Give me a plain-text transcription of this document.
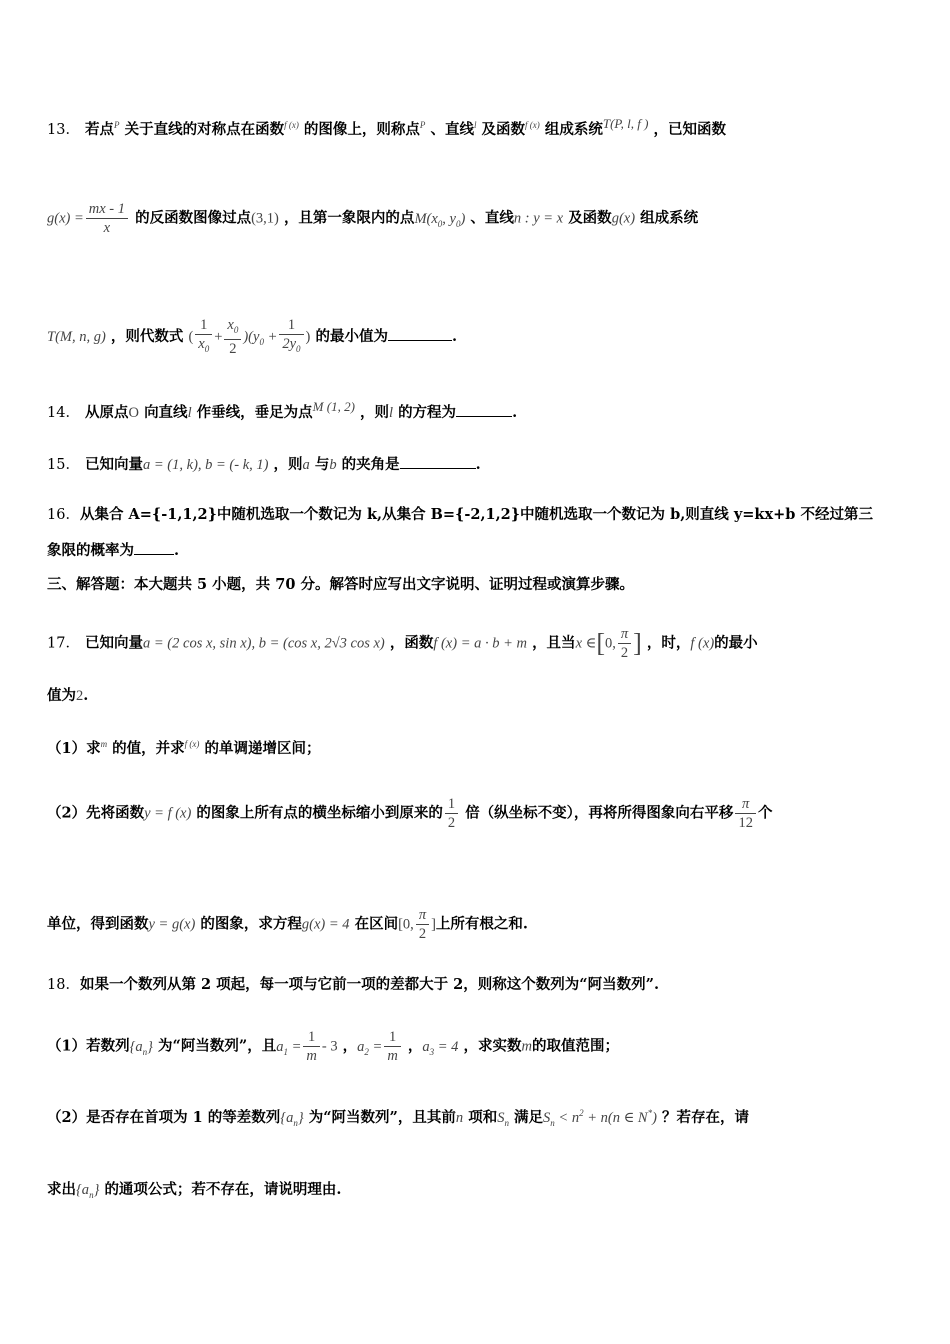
13． 若点$^P$ 关于直线的对称点在函数$^{f (x)}$ 的图像上，则称点$^P$ 、直线$^l$ 及函数$^{f (x)}$ 组成系统$^{T(P, l, f )}$ ，已知函数
$g(x) = \frac{mx - 1}{x}$ 的反函数图像过点(3,1) ，且第一象限内的点$M(x_0$, $y_0$) 、直线n : y = x 及函数g(x) 组成系统
T(M, n, g) ，则代数式 ( $\frac{1}{x_0} + \frac{x_0}{2} )(y_0 + \frac{1}{2y_0}$ ) 的最小值为	.
14． 从原点O 向直线l 作垂线，垂足为点$^{M (1, 2)}$ ，则l 的方程为	.
15． 已知向量a = (1, k), b = (- k, 1) ，则a 与b 的夹角是	.
16．从集合 A={-1,1,2}中随机选取一个数记为 k,从集合 B={-2,1,2}中随机选取一个数记为 b,则直线 y=kx+b 不经过第三
象限的概率为	.
三、解答题：本大题共 5 小题，共 70 分。解答时应写出文字说明、证明过程或演算步骤。
17． 已知向量a = (2 cos x, sin x), b = (cos x, 2√3 cos x) ，函数f (x) = a · b + m ，且当x ∈[0, $\frac{\pi}{2}$ ] ，时，f (x)的最小
值为2.
（1）求$^m$ 的值，并求$^{f (x)}$ 的单调递增区间；
（2）先将函数y = f (x) 的图象上所有点的横坐标缩小到原来的 $\frac{1}{2}$ 倍（纵坐标不变），再将所得图象向右平移 $\frac{\pi}{12}$ 个
单位，得到函数y = g(x) 的图象，求方程g(x) = 4 在区间[0, $\frac{\pi}{2}$ ]上所有根之和.
18．如果一个数列从第 2 项起，每一项与它前一项的差都大于 2，则称这个数列为“阿当数列”.
（1）若数列$\{a_n\}$ 为“阿当数列”，且$a_1 = \frac{1}{m} - 3$ ，$a_2 = \frac{1}{m}$ ，$a_3 = 4$ ，求实数m的取值范围；
（2）是否存在首项为 1 的等差数列$\{a_n\}$ 为“阿当数列”，且其前n 项和$S_n$ 满足$S_n < n^2 + n(n$ ∈ N*) ？若存在，请
求出$\{a_n\}$ 的通项公式；若不存在，请说明理由.
